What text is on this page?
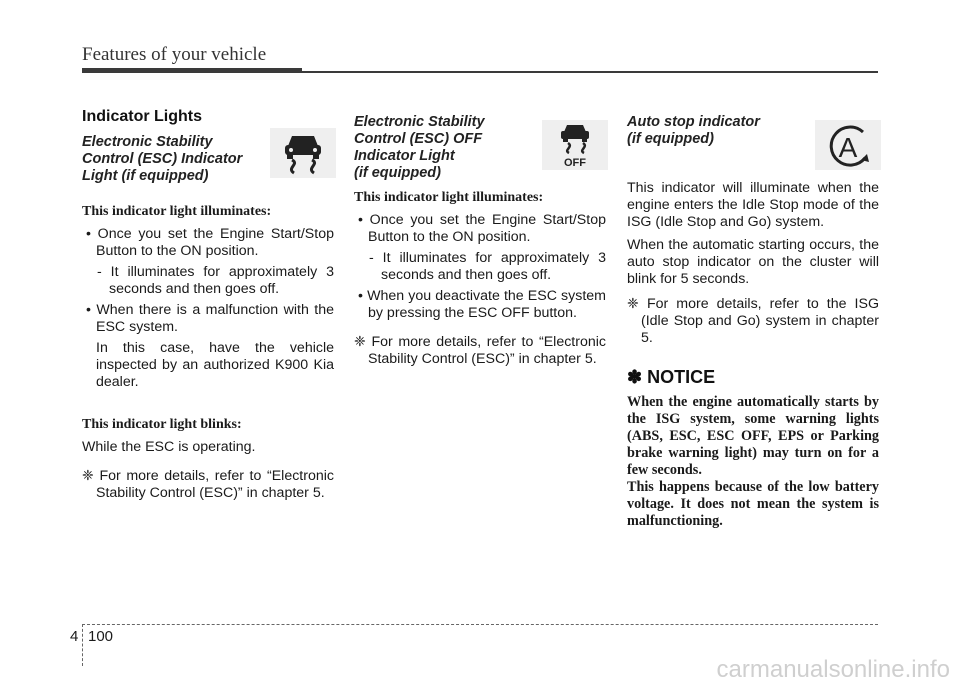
Features of your vehicle
Indicator Lights
Electronic Stability
Control (ESC) Indicator
Light (if equipped)
This indicator light illuminates:

• Once you set the Engine Start/Stop Button to the ON position.

- It illuminates for approximately 3 seconds and then goes off.

• When there is a malfunction with the ESC system.

In this case, have the vehicle inspected by an authorized K900 Kia dealer.

This indicator light blinks:

While the ESC is operating.

❈ For more details, refer to “Electronic Stability Control (ESC)” in chapter 5.

Electronic Stability
Control (ESC) OFF
Indicator Light
(if equipped)
OFF
This indicator light illuminates:

• Once you set the Engine Start/Stop Button to the ON position.

- It illuminates for approximately 3 seconds and then goes off.

• When you deactivate the ESC system by pressing the ESC OFF button.

❈ For more details, refer to “Electronic Stability Control (ESC)” in chapter 5.

Auto stop indicator
(if equipped)	A

This indicator will illuminate when the engine enters the Idle Stop mode of the ISG (Idle Stop and Go) system.

When the automatic starting occurs, the auto stop indicator on the cluster will blink for 5 seconds.

❈ For more details, refer to the ISG (Idle Stop and Go) system in chapter 5.

✽ NOTICE

When the engine automatically starts by the ISG system, some warning lights (ABS, ESC, ESC OFF, EPS or Parking brake warning light) may turn on for a few seconds.

This happens because of the low battery voltage. It does not mean the system is malfunctioning.

4 100
carmanualsonline.info
